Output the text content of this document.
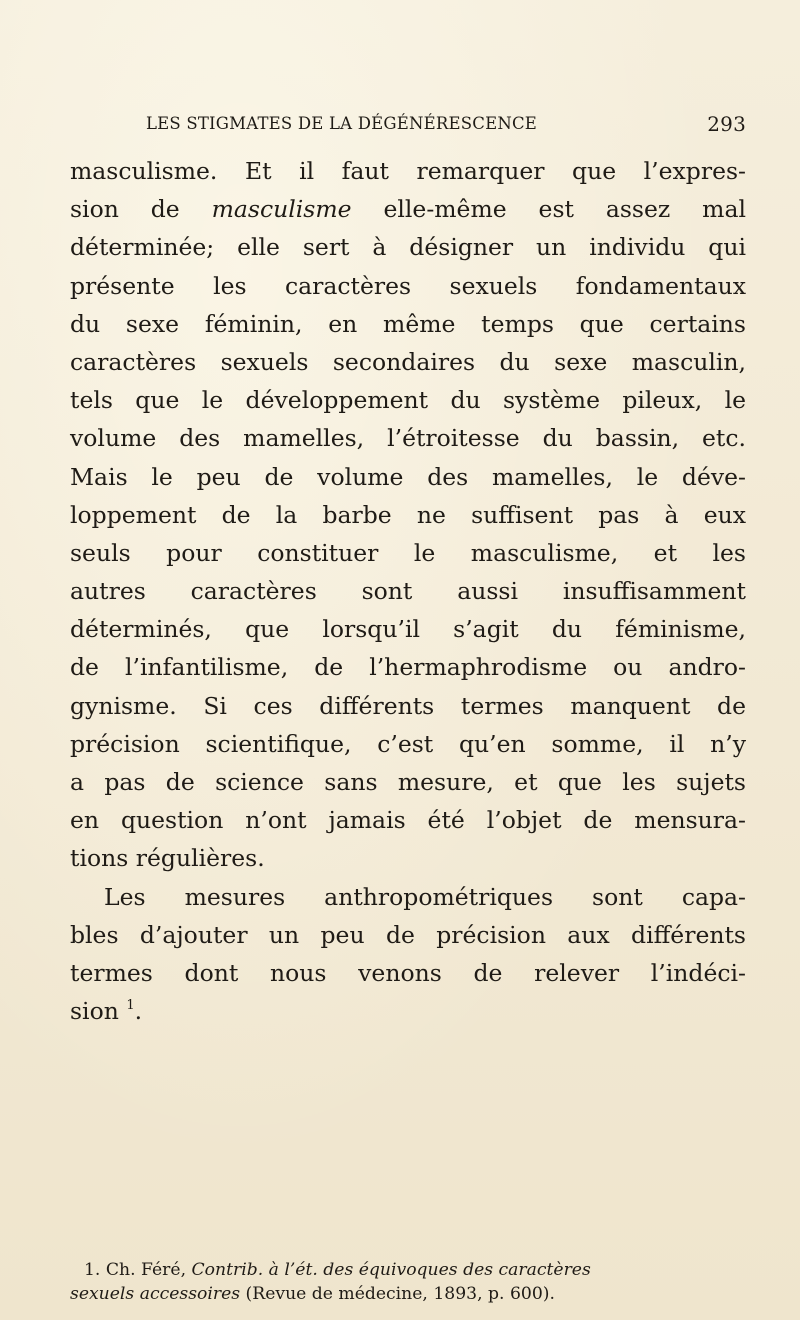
LES STIGMATES DE LA DÉGÉNÉRESCENCE	293
masculisme. Et il faut remarquer que l’expres-
sion de masculisme elle-même est assez mal
déterminée; elle sert à désigner un individu qui
présente les caractères sexuels fondamentaux
du sexe féminin, en même temps que certains
caractères sexuels secondaires du sexe masculin,
tels que le développement du système pileux, le
volume des mamelles, l’étroitesse du bassin, etc.
Mais le peu de volume des mamelles, le déve-
loppement de la barbe ne suffisent pas à eux
seuls pour constituer le masculisme, et les
autres caractères sont aussi insuffisamment
déterminés, que lorsqu’il s’agit du féminisme,
de l’infantilisme, de l’hermaphrodisme ou andro-
gynisme. Si ces différents termes manquent de
précision scientifique, c’est qu’en somme, il n’y
a pas de science sans mesure, et que les sujets
en question n’ont jamais été l’objet de mensura-
tions régulières.
Les mesures anthropométriques sont capa-
bles d’ajouter un peu de précision aux différents
termes dont nous venons de relever l’indéci-
sion $^1$.
1. Ch. Féré, Contrib. à l’ét. des équivoques des caractères
sexuels accessoires (Revue de médecine, 1893, p. 600).
